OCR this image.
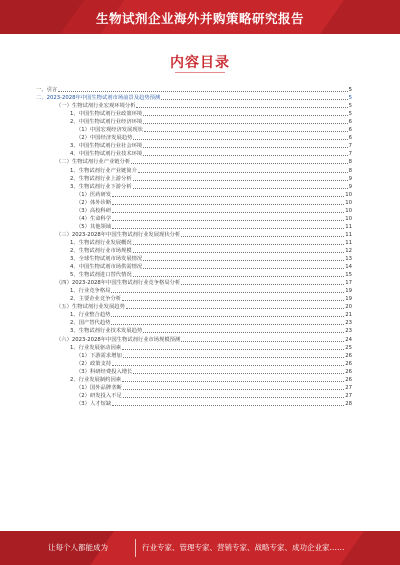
生物试剂企业海外并购策略研究报告
内容目录
一、引言	5
二、2023-2028年中国生物试剂市场前景及趋势预测	5
（一）生物试剂行业宏观环境分析	5
1、中国生物试剂行业政策环境	5
2、中国生物试剂行业经济环境	6
（1）中国宏观经济发展现状	6
（2）中国经济发展趋势	6
3、中国生物试剂行业社会环境	7
4、中国生物试剂行业技术环境	7
（二）生物试剂行业产业链分析	8
1、生物试剂行业产业链简介	8
2、生物试剂行业上游分析	9
3、生物试剂行业下游分析	9
（1）医药研发	10
（2）体外诊断	10
（3）高校科研	10
（4）生命科学	10
（5）其他领域	11
（三）2023-2028年中国生物试剂行业发展现状分析	11
1、生物试剂行业发展概况	11
2、生物试剂行业市场规模	12
3、全球生物试剂市场发展情况	13
4、中国生物试剂市场供需情况	14
5、生物试剂进口替代情况	15
（四）2023-2028年中国生物试剂行业竞争格局分析	17
1、行业竞争格局	19
2、主要企业竞争分析	19
（五）生物试剂行业发展趋势	20
1、行业整合趋势	21
2、国产替代趋势	23
3、生物试剂行业技术发展趋势	23
（六）2023-2028年中国生物试剂行业市场规模预测	24
1、行业发展驱动因素	25
（1）下游需求增加	26
（2）政策支持	26
（3）科研经费投入增长	26
2、行业发展制约因素	26
（1）国外品牌垄断	27
（2）研发投入不足	27
（3）人才短缺	28
让每个人都能成为	行业专家、管理专家、营销专家、战略专家、成功企业家……
